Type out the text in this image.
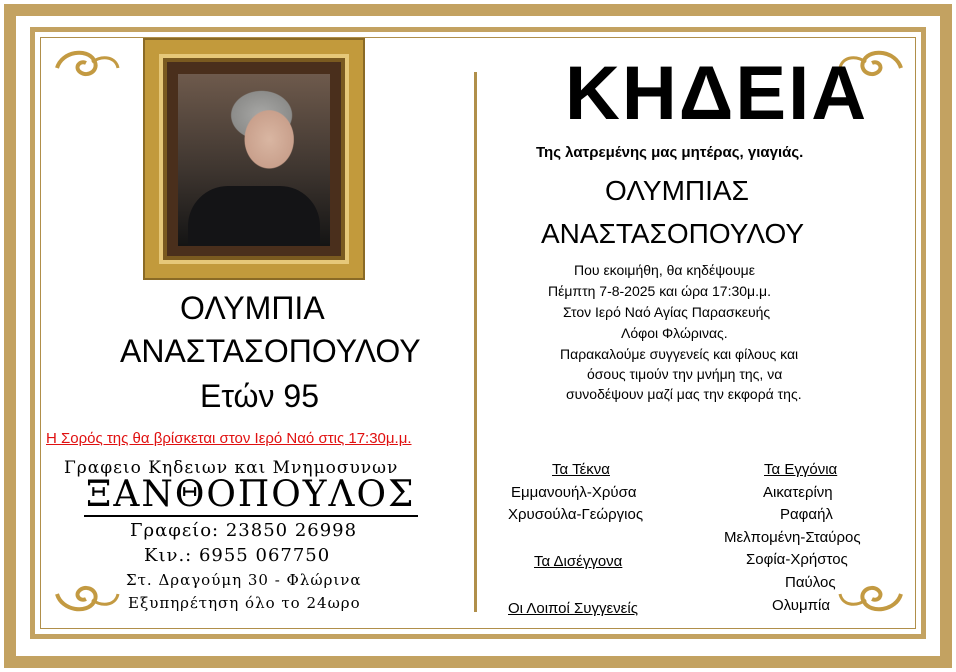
ΟΛΥΜΠΙΑ
ΑΝΑΣΤΑΣΟΠΟΥΛΟΥ
Ετών 95
Η Σορός της θα βρίσκεται στον Ιερό Ναό στις 17:30μ.μ.
Γραφειο Κηδειων και Μνημοσυνων
ΞΑΝΘΟΠΟΥΛΟΣ
Γραφείο: 23850 26998
Κιν.: 6955 067750
Στ. Δραγούμη 30 - Φλώρινα
Εξυπηρέτηση όλο το 24ωρο
ΚΗΔΕΙΑ
Της λατρεμένης μας μητέρας, γιαγιάς.
ΟΛΥΜΠΙΑΣ
ΑΝΑΣΤΑΣΟΠΟΥΛΟΥ
Που εκοιμήθη, θα κηδέψουμε
Πέμπτη 7-8-2025 και ώρα 17:30μ.μ.
Στον Ιερό Ναό Αγίας Παρασκευής
Λόφοι Φλώρινας.
Παρακαλούμε συγγενείς και φίλους και
όσους τιμούν την μνήμη της, να
συνοδέψουν μαζί μας την εκφορά της.
Τα Τέκνα
Εμμανουήλ-Χρύσα
Χρυσούλα-Γεώργιος
Τα Δισέγγονα
Οι Λοιποί Συγγενείς
Τα Εγγόνια
Αικατερίνη
Ραφαήλ
Μελπομένη-Σταύρος
Σοφία-Χρήστος
Παύλος
Ολυμπία
